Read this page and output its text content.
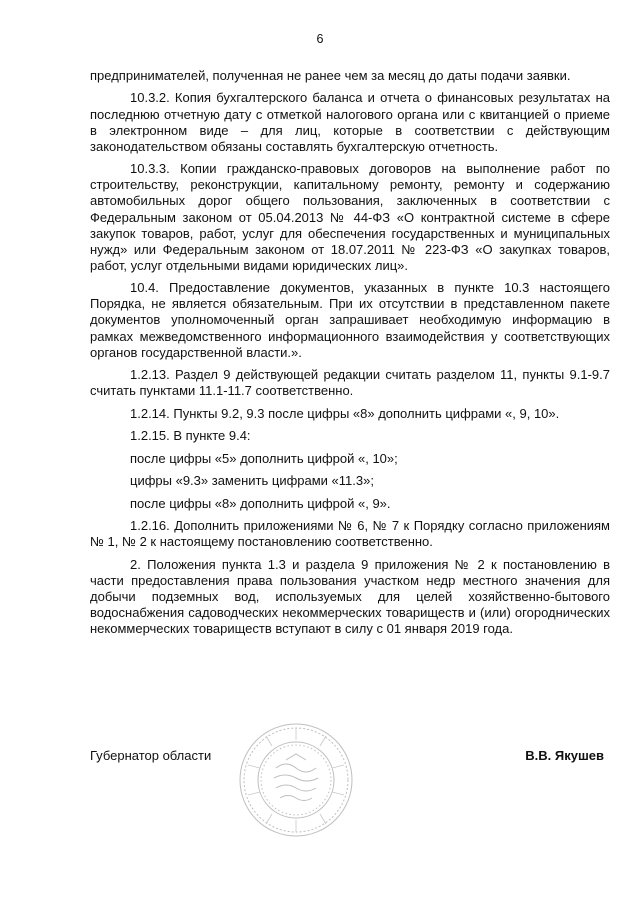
6

предпринимателей, полученная не ранее чем за месяц до даты подачи заявки.

10.3.2. Копия бухгалтерского баланса и отчета о финансовых результатах на последнюю отчетную дату с отметкой налогового органа или с квитанцией о приеме в электронном виде – для лиц, которые в соответствии с действующим законодательством обязаны составлять бухгалтерскую отчетность.

10.3.3. Копии гражданско-правовых договоров на выполнение работ по строительству, реконструкции, капитальному ремонту, ремонту и содержанию автомобильных дорог общего пользования, заключенных в соответствии с Федеральным законом от 05.04.2013 № 44-ФЗ «О контрактной системе в сфере закупок товаров, работ, услуг для обеспечения государственных и муниципальных нужд» или Федеральным законом от 18.07.2011 № 223-ФЗ «О закупках товаров, работ, услуг отдельными видами юридических лиц».

10.4. Предоставление документов, указанных в пункте 10.3 настоящего Порядка, не является обязательным. При их отсутствии в представленном пакете документов уполномоченный орган запрашивает необходимую информацию в рамках межведомственного информационного взаимодействия у соответствующих органов государственной власти.».

1.2.13. Раздел 9 действующей редакции считать разделом 11, пункты 9.1-9.7 считать пунктами 11.1-11.7 соответственно.

1.2.14. Пункты 9.2, 9.3 после цифры «8» дополнить цифрами «, 9, 10».

1.2.15. В пункте 9.4:

после цифры «5» дополнить цифрой «, 10»;

цифры «9.3» заменить цифрами «11.3»;

после цифры «8» дополнить цифрой «, 9».

1.2.16. Дополнить приложениями № 6, № 7 к Порядку согласно приложениям № 1, № 2 к настоящему постановлению соответственно.

2. Положения пункта 1.3 и раздела 9 приложения № 2 к постановлению в части предоставления права пользования участком недр местного значения для добычи подземных вод, используемых для целей хозяйственно-бытового водоснабжения садоводческих некоммерческих товариществ и (или) огороднических некоммерческих товариществ вступают в силу с 01 января 2019 года.

Губернатор области	В.В. Якушев
